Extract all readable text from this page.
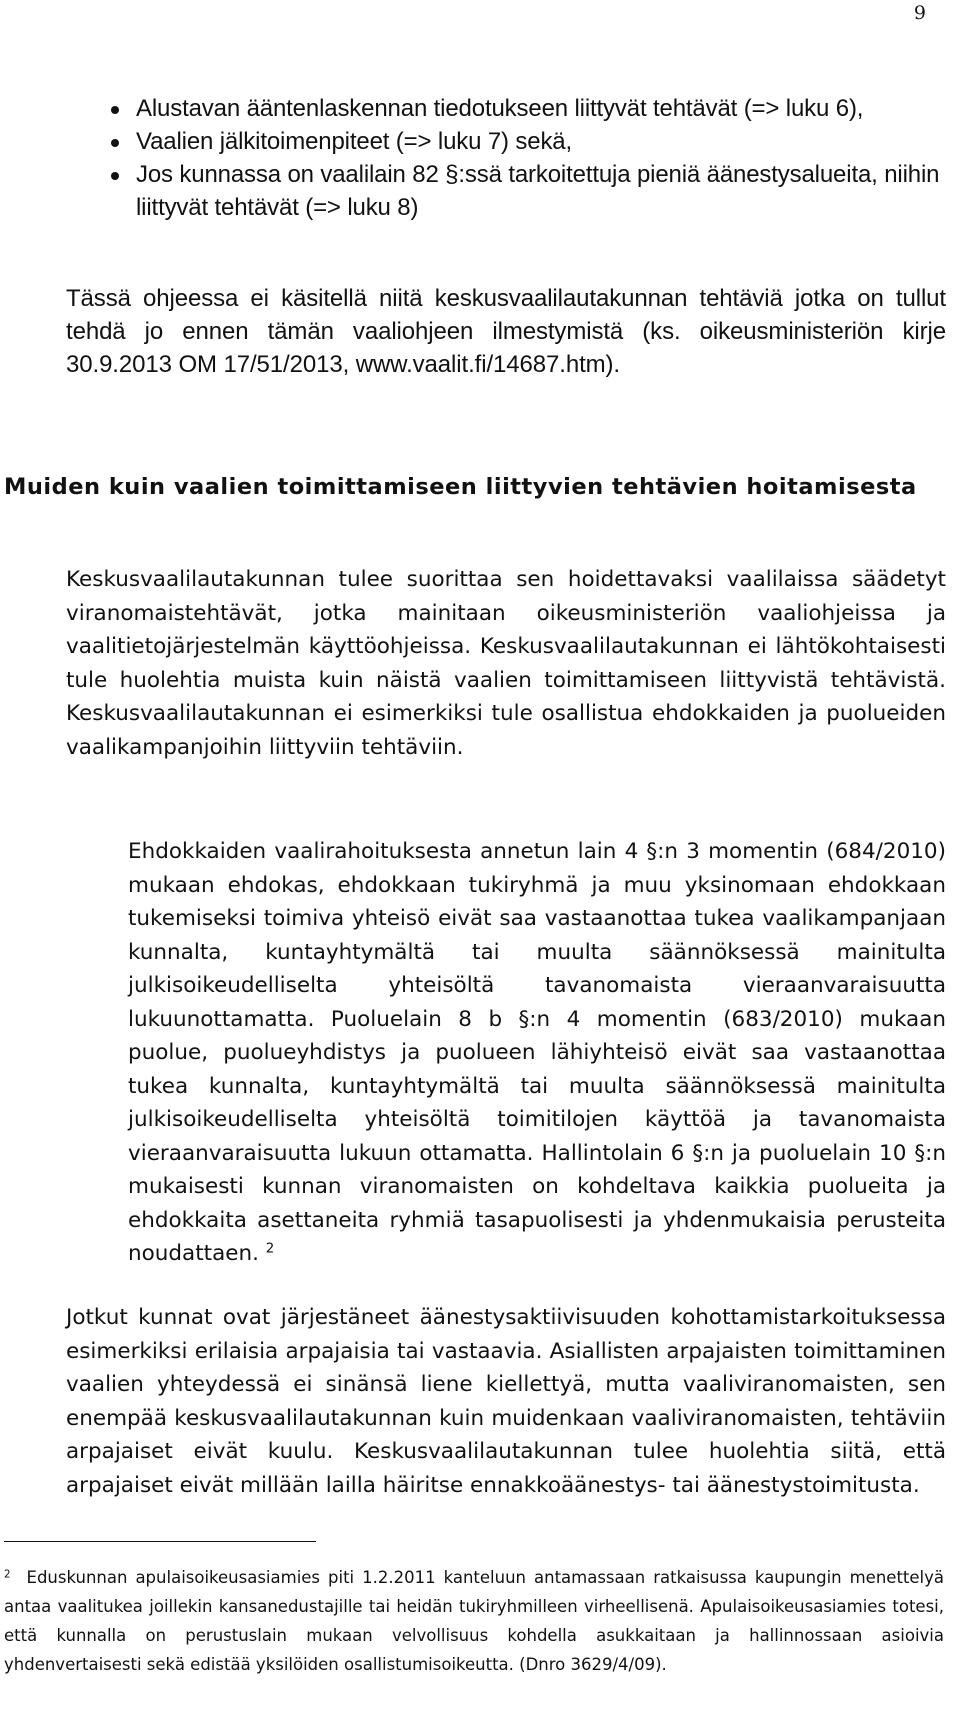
9
Alustavan ääntenlaskennan tiedotukseen liittyvät tehtävät (=> luku 6),
Vaalien jälkitoimenpiteet (=> luku 7) sekä,
Jos kunnassa on vaalilain 82 §:ssä tarkoitettuja pieniä äänestysalueita, niihin liittyvät tehtävät (=> luku 8)

Tässä ohjeessa ei käsitellä niitä keskusvaalilautakunnan tehtäviä jotka on tullut tehdä jo ennen tämän vaaliohjeen ilmestymistä (ks. oikeusministeriön kirje 30.9.2013 OM 17/51/2013, www.vaalit.fi/14687.htm).

Muiden kuin vaalien toimittamiseen liittyvien tehtävien hoitamisesta

Keskusvaalilautakunnan tulee suorittaa sen hoidettavaksi vaalilaissa säädetyt viranomaistehtävät, jotka mainitaan oikeusministeriön vaaliohjeissa ja vaalitietojärjestelmän käyttöohjeissa. Keskusvaalilautakunnan ei lähtökohtaisesti tule huolehtia muista kuin näistä vaalien toimittamiseen liittyvistä tehtävistä. Keskusvaalilautakunnan ei esimerkiksi tule osallistua ehdokkaiden ja puolueiden vaalikampanjoihin liittyviin tehtäviin.

Ehdokkaiden vaalirahoituksesta annetun lain 4 §:n 3 momentin (684/2010) mukaan ehdokas, ehdokkaan tukiryhmä ja muu yksinomaan ehdokkaan tukemiseksi toimiva yhteisö eivät saa vastaanottaa tukea vaalikampanjaan kunnalta, kuntayhtymältä tai muulta säännöksessä mainitulta julkisoikeudelliselta yhteisöltä tavanomaista vieraanvaraisuutta lukuunottamatta. Puoluelain 8 b §:n 4 momentin (683/2010) mukaan puolue, puolueyhdistys ja puolueen lähiyhteisö eivät saa vastaanottaa tukea kunnalta, kuntayhtymältä tai muulta säännöksessä mainitulta julkisoikeudelliselta yhteisöltä toimitilojen käyttöä ja tavanomaista vieraanvaraisuutta lukuun ottamatta. Hallintolain 6 §:n ja puoluelain 10 §:n mukaisesti kunnan viranomaisten on kohdeltava kaikkia puolueita ja ehdokkaita asettaneita ryhmiä tasapuolisesti ja yhdenmukaisia perusteita noudattaen. $^2$

Jotkut kunnat ovat järjestäneet äänestysaktiivisuuden kohottamistarkoituksessa esimerkiksi erilaisia arpajaisia tai vastaavia. Asiallisten arpajaisten toimittaminen vaalien yhteydessä ei sinänsä liene kiellettyä, mutta vaaliviranomaisten, sen enempää keskusvaalilautakunnan kuin muidenkaan vaaliviranomaisten, tehtäviin arpajaiset eivät kuulu. Keskusvaalilautakunnan tulee huolehtia siitä, että arpajaiset eivät millään lailla häiritse ennakkoäänestys- tai äänestystoimitusta.

$^2$ Eduskunnan apulaisoikeusasiamies piti 1.2.2011 kanteluun antamassaan ratkaisussa kaupungin menettelyä antaa vaalitukea joillekin kansanedustajille tai heidän tukiryhmilleen virheellisenä. Apulaisoikeusasiamies totesi, että kunnalla on perustuslain mukaan velvollisuus kohdella asukkaitaan ja hallinnossaan asioivia yhdenvertaisesti sekä edistää yksilöiden osallistumisoikeutta. (Dnro 3629/4/09).
